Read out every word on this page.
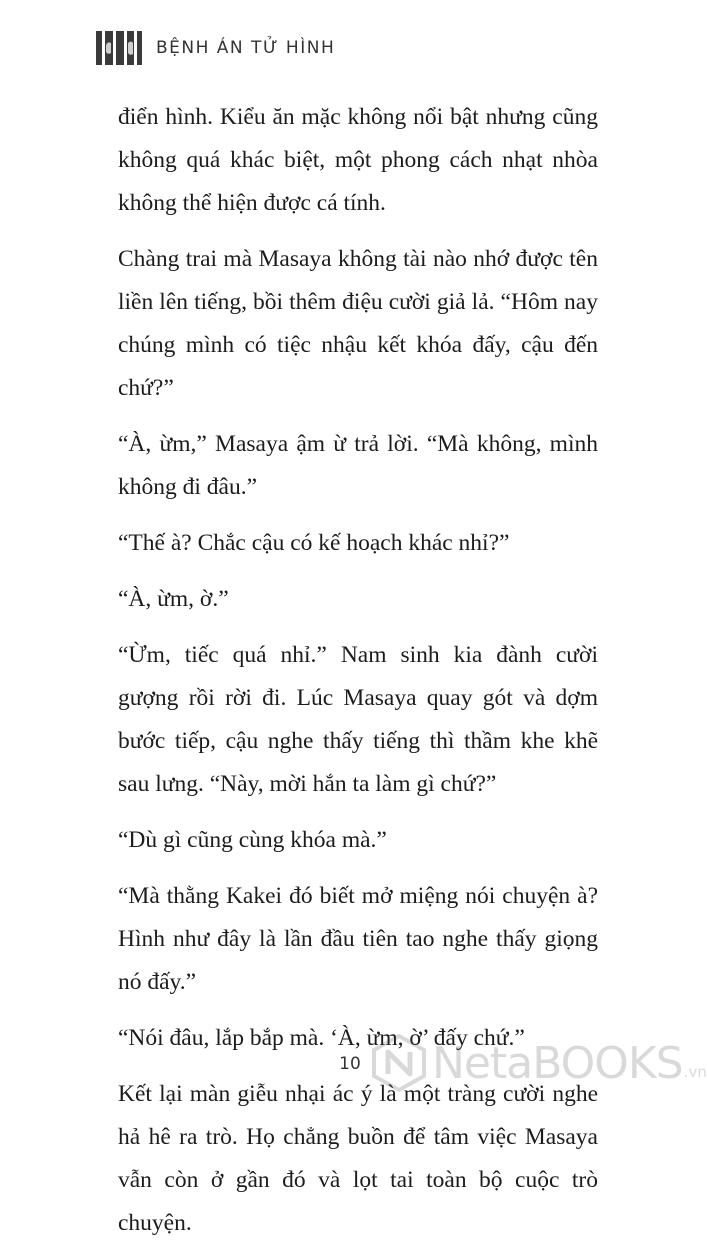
BỆNH ÁN TỬ HÌNH

điển hình. Kiểu ăn mặc không nổi bật nhưng cũng không quá khác biệt, một phong cách nhạt nhòa không thể hiện được cá tính.

Chàng trai mà Masaya không tài nào nhớ được tên liền lên tiếng, bồi thêm điệu cười giả lả. “Hôm nay chúng mình có tiệc nhậu kết khóa đấy, cậu đến chứ?”

“À, ừm,” Masaya ậm ừ trả lời. “Mà không, mình không đi đâu.”

“Thế à? Chắc cậu có kế hoạch khác nhỉ?”

“À, ừm, ờ.”

“Ừm, tiếc quá nhỉ.” Nam sinh kia đành cười gượng rồi rời đi. Lúc Masaya quay gót và dợm bước tiếp, cậu nghe thấy tiếng thì thầm khe khẽ sau lưng. “Này, mời hắn ta làm gì chứ?”

“Dù gì cũng cùng khóa mà.”

“Mà thằng Kakei đó biết mở miệng nói chuyện à? Hình như đây là lần đầu tiên tao nghe thấy giọng nó đấy.”

“Nói đâu, lắp bắp mà. ‘À, ừm, ờ’ đấy chứ.”

Kết lại màn giễu nhại ác ý là một tràng cười nghe hả hê ra trò. Họ chẳng buồn để tâm việc Masaya vẫn còn ở gần đó và lọt tai toàn bộ cuộc trò chuyện.

10	NetaBOOKS .vn
